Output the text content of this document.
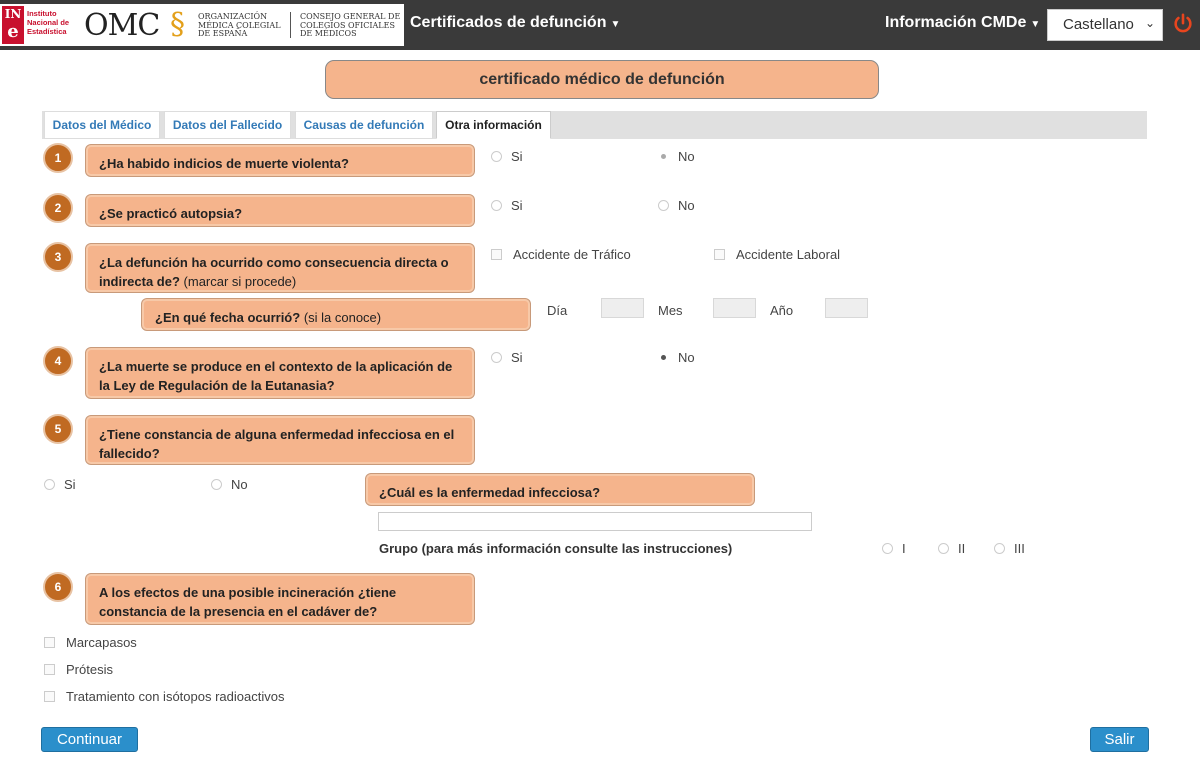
IN
e
Instituto Nacional de Estadística OMC § ORGANIZACIÓN MÉDICA COLEGIAL DE ESPAÑA
CONSEJO GENERAL DE COLEGIOS OFICIALES DE MÉDICOS
Certificados de defunción ▼	Información CMDe ▼	Castellano ⌄
certificado médico de defunción
Datos del Médico	Datos del Fallecido	Causas de defunción	Otra información
1	¿Ha habido indicios de muerte violenta?	Si	No
2	¿Se practicó autopsia?
Si	No
3	¿La defunción ha ocurrido como consecuencia directa o indirecta de? (marcar si procede)
Accidente de Tráfico	Accidente Laboral
¿En qué fecha ocurrió? (si la conoce)	Día	Mes	Año
4	¿La muerte se produce en el contexto de la aplicación de la Ley de Regulación de la Eutanasia?
Si	No
5	¿Tiene constancia de alguna enfermedad infecciosa en el fallecido?
Si	No
¿Cuál es la enfermedad infecciosa?
Grupo (para más información consulte las instrucciones)	I	II	III
6	A los efectos de una posible incineración ¿tiene constancia de la presencia en el cadáver de?
Marcapasos
Prótesis
Tratamiento con isótopos radioactivos
Continuar	Salir
